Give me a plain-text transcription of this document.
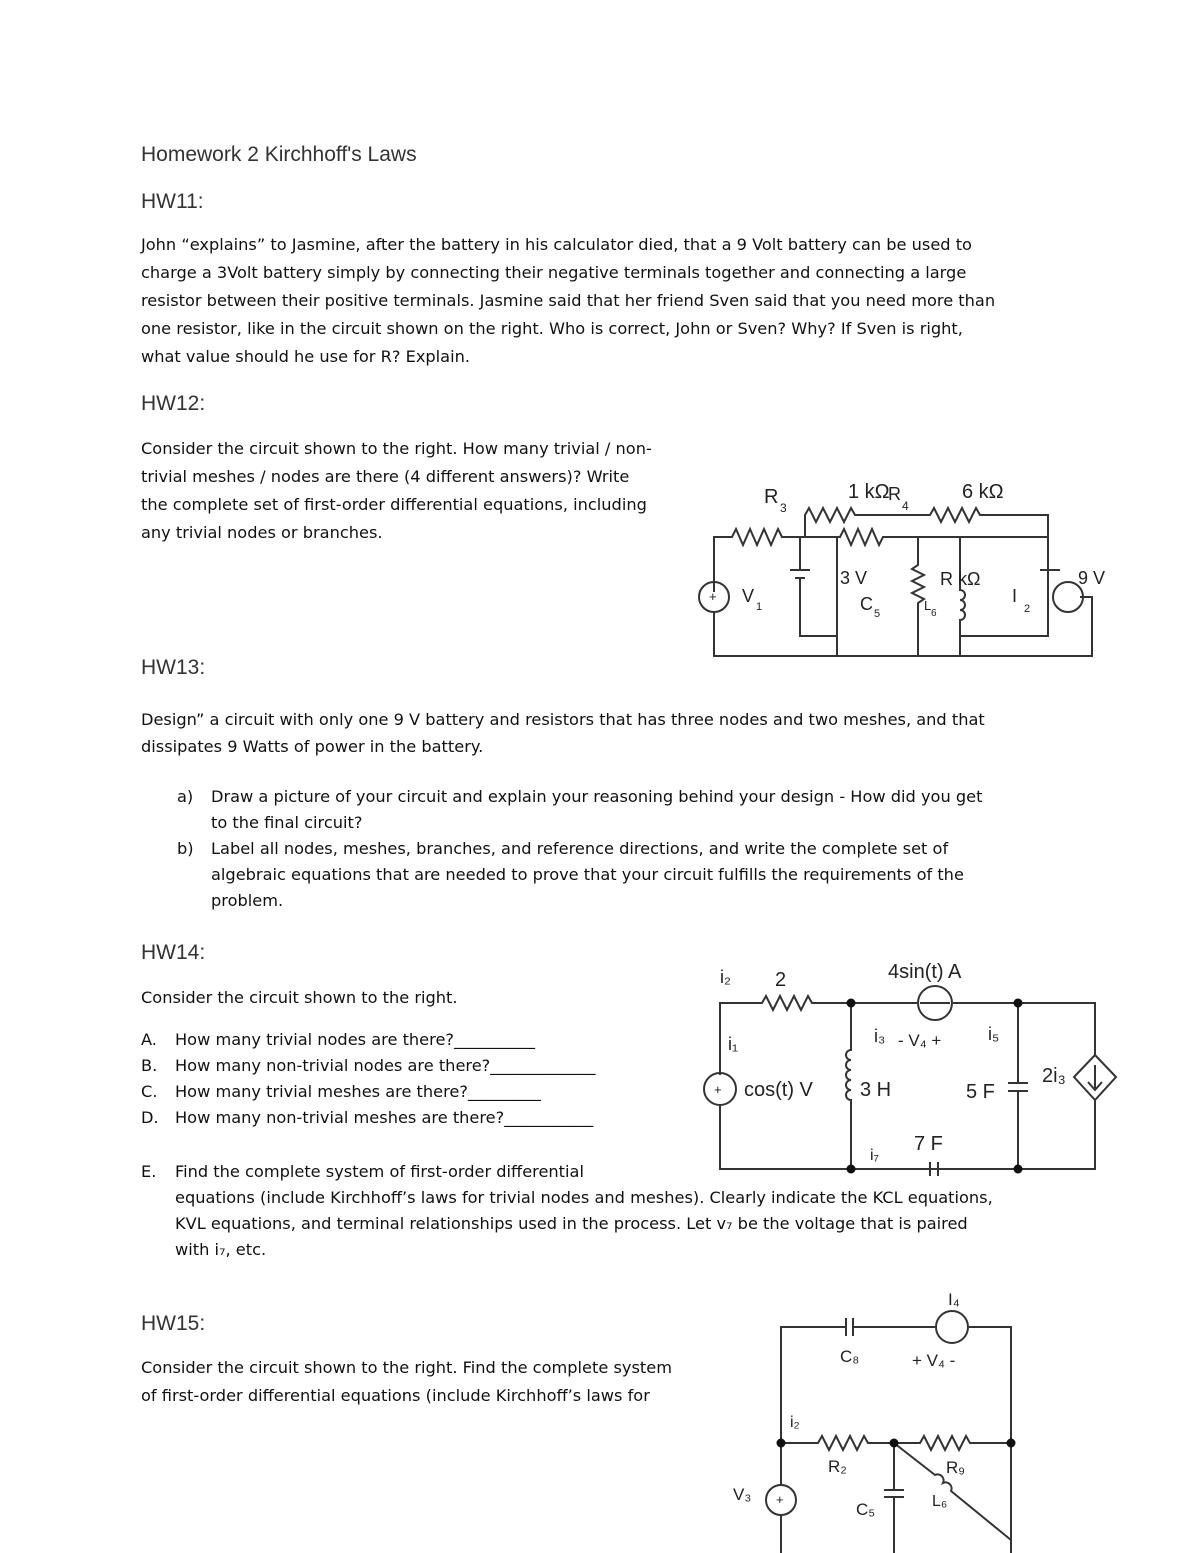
Homework 2 Kirchhoff's Laws
HW11:
John “explains” to Jasmine, after the battery in his calculator died, that a 9 Volt battery can be used to
charge a 3Volt battery simply by connecting their negative terminals together and connecting a large
resistor between their positive terminals. Jasmine said that her friend Sven said that you need more than
one resistor, like in the circuit shown on the right. Who is correct, John or Sven? Why? If Sven is right,
what value should he use for R? Explain.
HW12:
Consider the circuit shown to the right. How many trivial / non-
trivial meshes / nodes are there (4 different answers)? Write
the complete set of first-order differential equations, including
any trivial nodes or branches.
+
R 3
1 kΩ
R
4
6 kΩ
V
1
3 V
C 5
R kΩ
L
6
I
2
9 V
+
i₂ 2	4sin(t) A
i₁	i₃ - V₄ +	i₅
cos(t) V 3 H	5 F
2i₃
i₇
7 F
+
I₄
C₈	+ V₄ -
i₂
R₂	R₉
V₃
C₅	L₆
HW13:
Design” a circuit with only one 9 V battery and resistors that has three nodes and two meshes, and that
dissipates 9 Watts of power in the battery.
a) Draw a picture of your circuit and explain your reasoning behind your design - How did you get
to the final circuit?
b) Label all nodes, meshes, branches, and reference directions, and write the complete set of
algebraic equations that are needed to prove that your circuit fulfills the requirements of the
problem.
HW14:
Consider the circuit shown to the right.
A. How many trivial nodes are there?__________
B. How many non-trivial nodes are there?_____________
C. How many trivial meshes are there?_________
D. How many non-trivial meshes are there?___________
E. Find the complete system of first-order differential
equations (include Kirchhoff’s laws for trivial nodes and meshes). Clearly indicate the KCL equations,
KVL equations, and terminal relationships used in the process. Let v₇ be the voltage that is paired
with i₇, etc.
HW15:
Consider the circuit shown to the right. Find the complete system
of first-order differential equations (include Kirchhoff’s laws for
